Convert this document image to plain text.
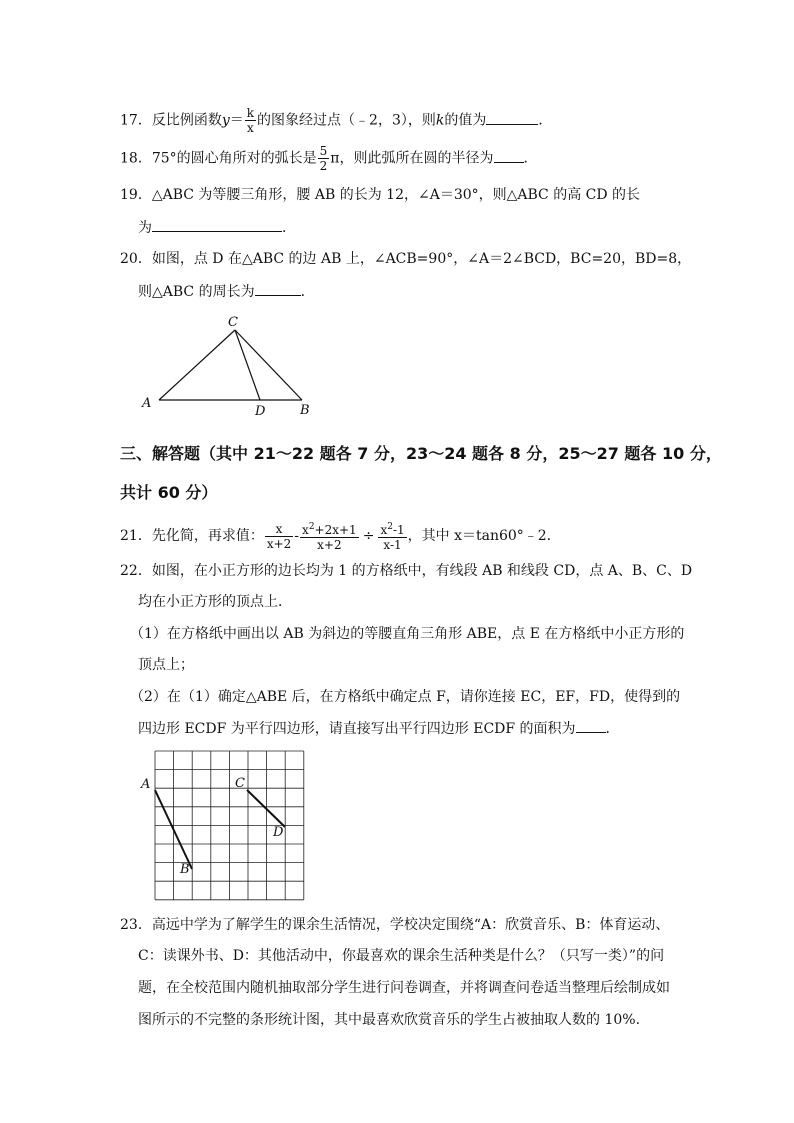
17．反比例函数$y= \frac{k}{x}$ 的图象经过点（﹣2，3），则k的值为	．
18．75°的圆心角所对的弧长是 $\frac{5}{2}$ π，则此弧所在圆的半径为 ．
19．△ABC 为等腰三角形，腰 AB 的长为 12，∠A＝30°，则△ABC 的高 CD 的长
为	．
20．如图，点 D 在△ABC 的边 AB 上，∠ACB=90°，∠A＝2∠BCD，BC=20，BD=8，
则△ABC 的周长为	．
C
A
D	B
三、解答题（其中 21～22 题各 7 分，23～24 题各 8 分，25～27 题各 10 分，
共计 60 分）
21．先化简，再求值： $\frac{x}{x+2} - \frac{x^2+2x+1}{x+2} \div \frac{x^2-1}{x-1}$ ，其中 x＝tan60°﹣2．
22．如图，在小正方形的边长均为 1 的方格纸中，有线段 AB 和线段 CD，点 A、B、C、D
均在小正方形的顶点上．
（1）在方格纸中画出以 AB 为斜边的等腰直角三角形 ABE，点 E 在方格纸中小正方形的
顶点上；
（2）在（1）确定△ABE 后，在方格纸中确定点 F，请你连接 EC，EF，FD，使得到的
四边形 ECDF 为平行四边形，请直接写出平行四边形 ECDF 的面积为 ．
A
B
C
D
23．高远中学为了解学生的课余生活情况，学校决定围绕“A：欣赏音乐、B：体育运动、
C：读课外书、D：其他活动中，你最喜欢的课余生活种类是什么？（只写一类）”的问
题，在全校范围内随机抽取部分学生进行问卷调查，并将调查问卷适当整理后绘制成如
图所示的不完整的条形统计图，其中最喜欢欣赏音乐的学生占被抽取人数的 10%.
